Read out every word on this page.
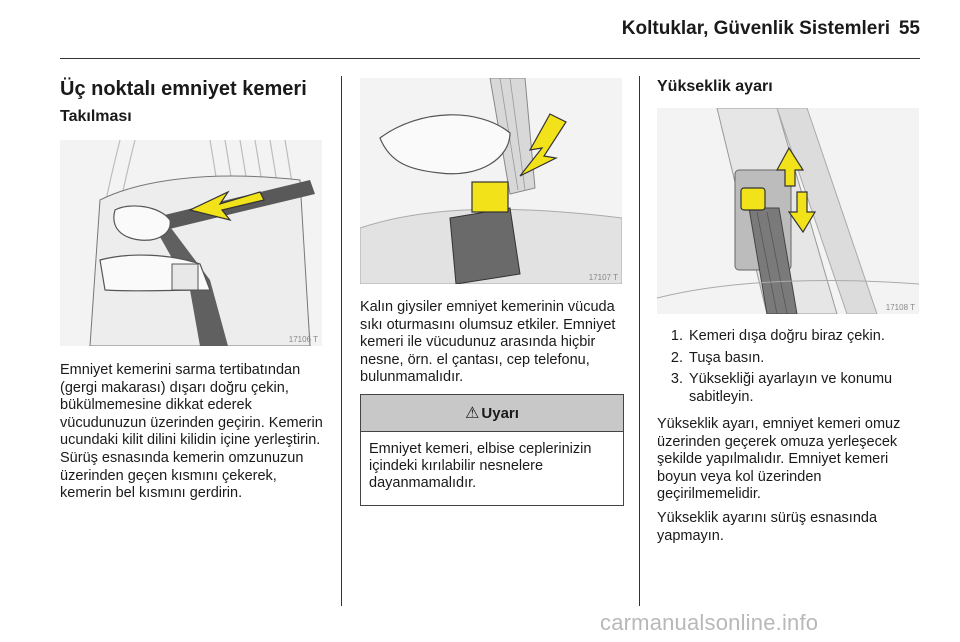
Koltuklar, Güvenlik Sistemleri 55
Üç noktalı emniyet kemeri
Takılması
17106 T

Emniyet kemerini sarma tertibatından (gergi makarası) dışarı doğru çekin, bükülmemesine dikkat ederek vücudunuzun üzerinden geçirin. Kemerin ucundaki kilit dilini kilidin içine yerleştirin. Sürüş esnasında kemerin omzunuzun üzerinden geçen kısmını çekerek, kemerin bel kısmını gerdirin.

17107 T

Kalın giysiler emniyet kemerinin vücuda sıkı oturmasını olumsuz etkiler. Emniyet kemeri ile vücudunuz arasında hiçbir nesne, örn. el çantası, cep telefonu, bulunmamalıdır.

⚠ Uyarı
Emniyet kemeri, elbise ceplerinizin içindeki kırılabilir nesnelere dayanmamalıdır.
Yükseklik ayarı
17108 T
1. Kemeri dışa doğru biraz çekin.
2. Tuşa basın.
3. Yüksekliği ayarlayın ve konumu sabitleyin.

Yükseklik ayarı, emniyet kemeri omuz üzerinden geçerek omuza yerleşecek şekilde yapılmalıdır. Emniyet kemeri boyun veya kol üzerinden geçirilmemelidir.

Yükseklik ayarını sürüş esnasında yapmayın.

carmanualsonline.info
